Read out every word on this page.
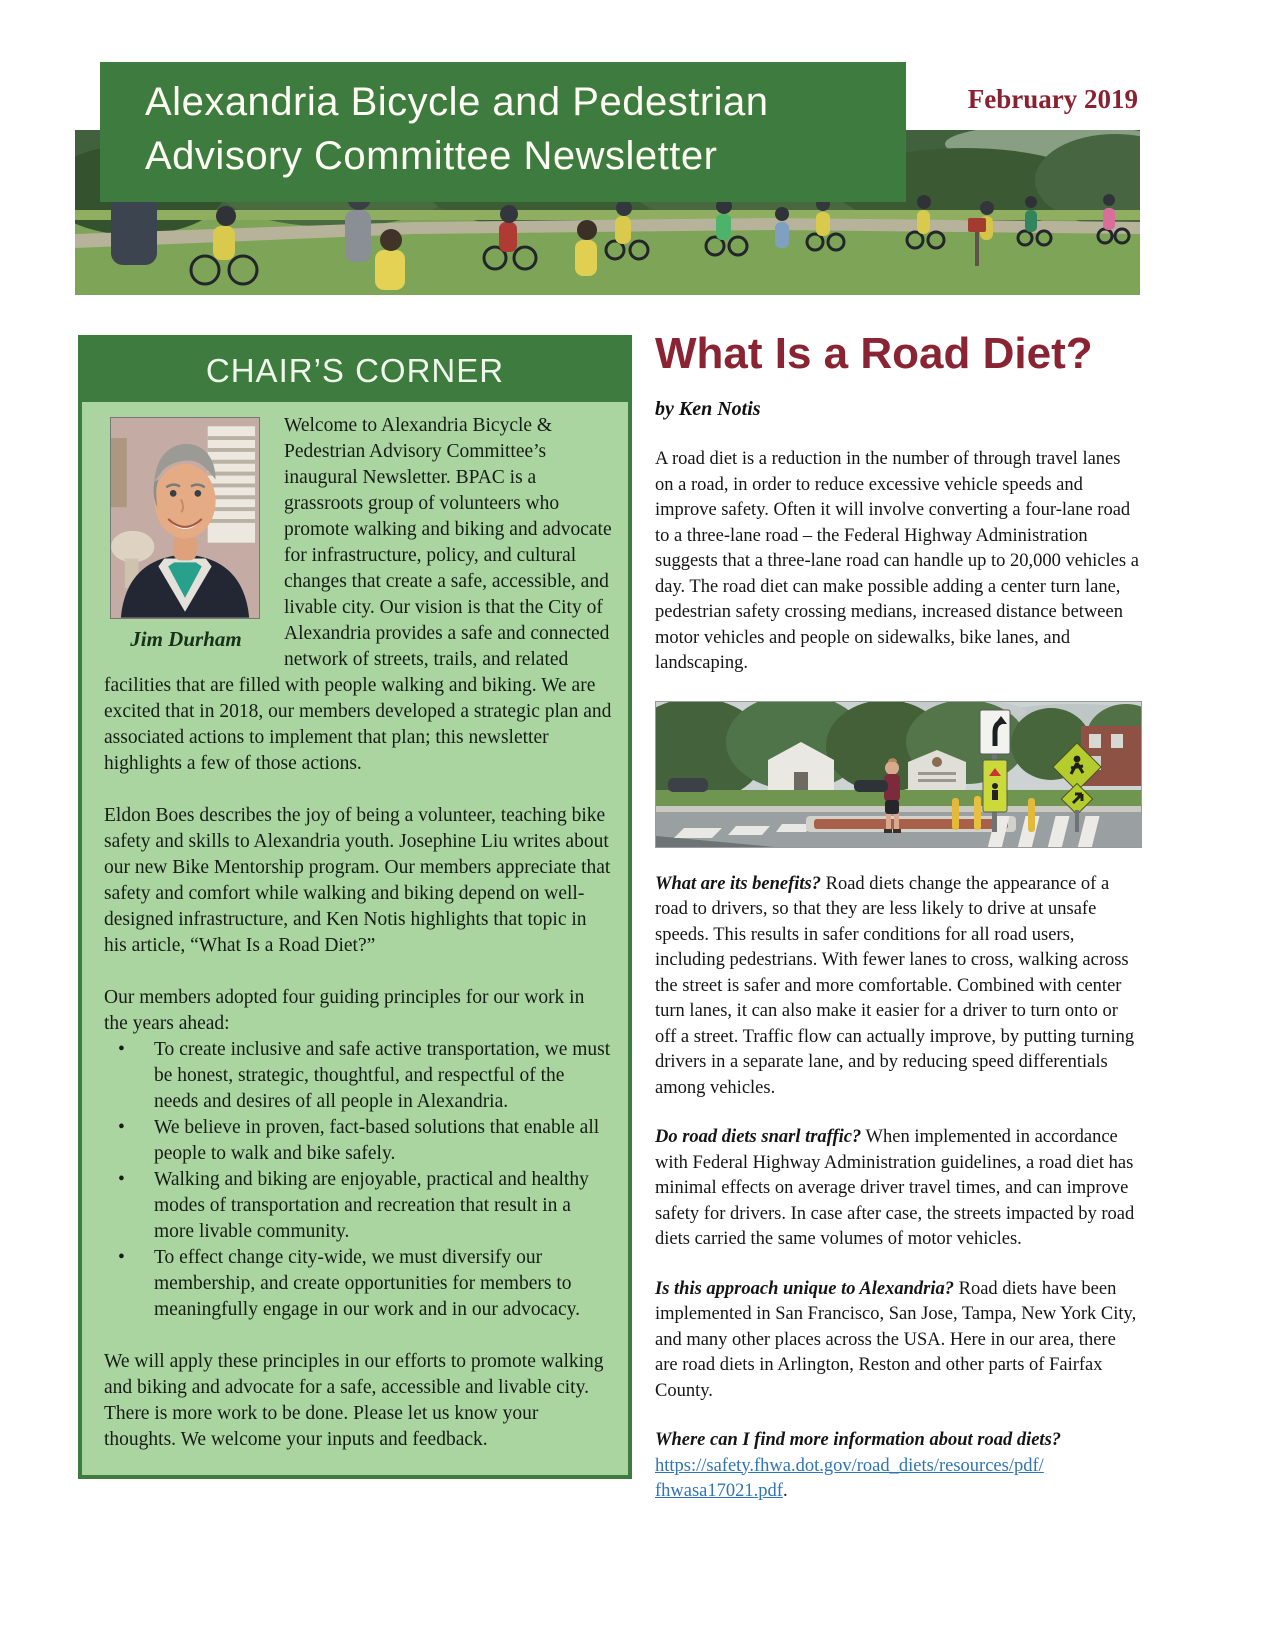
Alexandria Bicycle and Pedestrian
Advisory Committee Newsletter
February 2019
CHAIR’S CORNER
Jim Durham

Welcome to Alexandria Bicycle & Pedestrian Advisory Committee’s inaugural Newsletter. BPAC is a grassroots group of volunteers who promote walking and biking and advocate for infrastructure, policy, and cultural changes that create a safe, accessible, and livable city. Our vision is that the City of Alexandria provides a safe and connected network of streets, trails, and related facilities that are filled with people walking and biking. We are excited that in 2018, our members developed a strategic plan and associated actions to implement that plan; this newsletter highlights a few of those actions.

Eldon Boes describes the joy of being a volunteer, teaching bike safety and skills to Alexandria youth. Josephine Liu writes about our new Bike Mentorship program. Our members appreciate that safety and comfort while walking and biking depend on well-designed infrastructure, and Ken Notis highlights that topic in his article, “What Is a Road Diet?”

Our members adopted four guiding principles for our work in the years ahead:

• To create inclusive and safe active transportation, we must be honest, strategic, thoughtful, and respectful of the needs and desires of all people in Alexandria.
• We believe in proven, fact-based solutions that enable all people to walk and bike safely.
• Walking and biking are enjoyable, practical and healthy modes of transportation and recreation that result in a more livable community.
• To effect change city-wide, we must diversify our membership, and create opportunities for members to meaningfully engage in our work and in our advocacy.

We will apply these principles in our efforts to promote walking and biking and advocate for a safe, accessible and livable city. There is more work to be done. Please let us know your thoughts. We welcome your inputs and feedback.

What Is a Road Diet?
by Ken Notis

A road diet is a reduction in the number of through travel lanes on a road, in order to reduce excessive vehicle speeds and improve safety. Often it will involve converting a four-lane road to a three-lane road – the Federal Highway Administration suggests that a three-lane road can handle up to 20,000 vehicles a day. The road diet can make possible adding a center turn lane, pedestrian safety crossing medians, increased distance between motor vehicles and people on sidewalks, bike lanes, and landscaping.

What are its benefits? Road diets change the appearance of a road to drivers, so that they are less likely to drive at unsafe speeds. This results in safer conditions for all road users, including pedestrians. With fewer lanes to cross, walking across the street is safer and more comfortable. Combined with center turn lanes, it can also make it easier for a driver to turn onto or off a street. Traffic flow can actually improve, by putting turning drivers in a separate lane, and by reducing speed differentials among vehicles.

Do road diets snarl traffic? When implemented in accordance with Federal Highway Administration guidelines, a road diet has minimal effects on average driver travel times, and can improve safety for drivers. In case after case, the streets impacted by road diets carried the same volumes of motor vehicles.

Is this approach unique to Alexandria? Road diets have been implemented in San Francisco, San Jose, Tampa, New York City, and many other places across the USA. Here in our area, there are road diets in Arlington, Reston and other parts of Fairfax County.

Where can I find more information about road diets?
https://safety.fhwa.dot.gov/road_diets/resources/pdf/
fhwasa17021.pdf.
